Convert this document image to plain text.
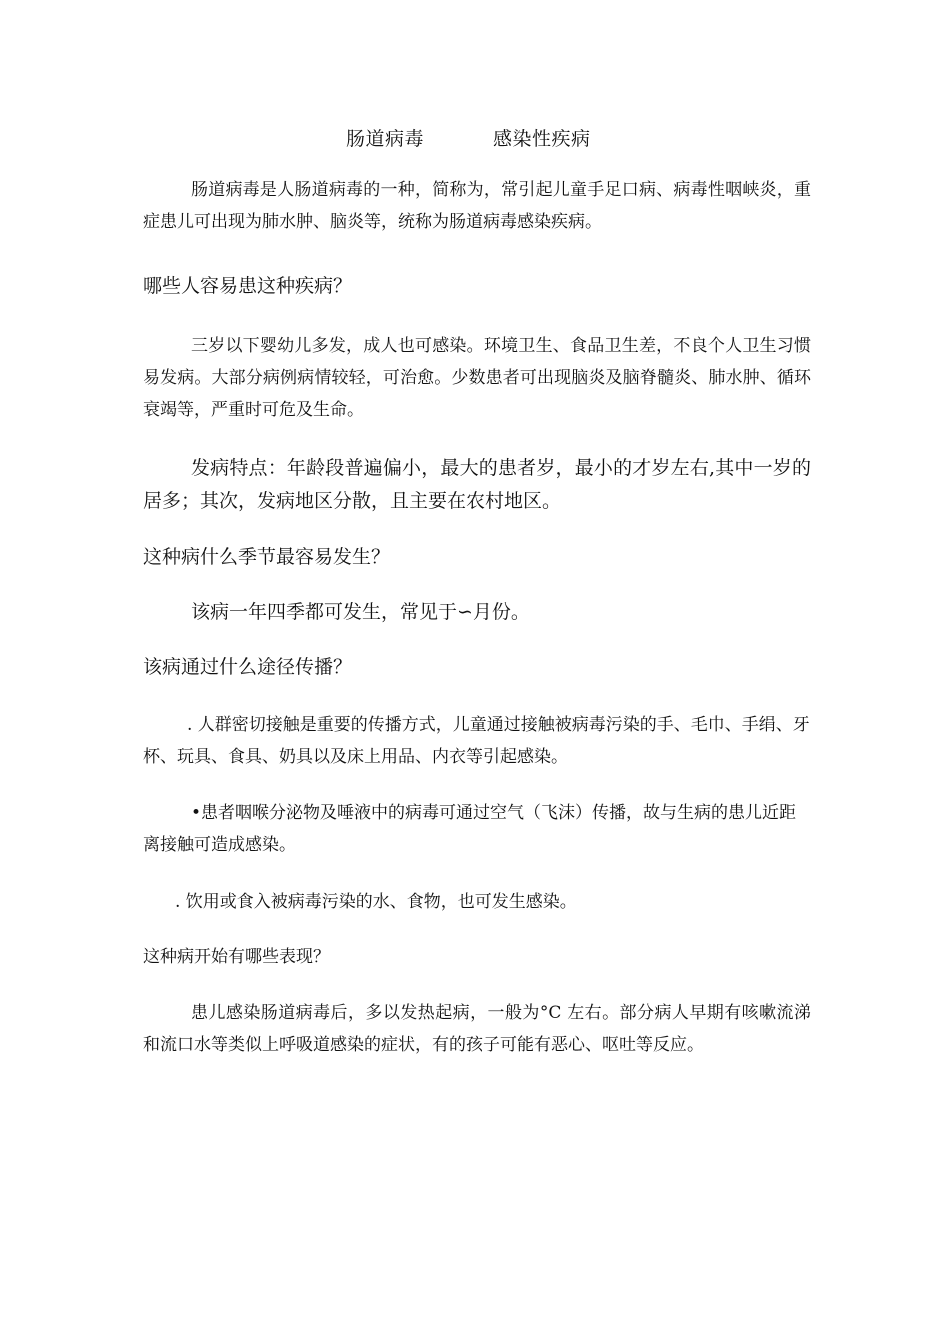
肠道病毒	感染性疾病
肠道病毒是人肠道病毒的一种，简称为，常引起儿童手足口病、病毒性咽峡炎，重症患儿可出现为肺水肿、脑炎等，统称为肠道病毒感染疾病。
哪些人容易患这种疾病？
三岁以下婴幼儿多发，成人也可感染。环境卫生、食品卫生差，不良个人卫生习惯易发病。大部分病例病情较轻，可治愈。少数患者可出现脑炎及脑脊髓炎、肺水肿、循环衰竭等，严重时可危及生命。
发病特点：年龄段普遍偏小，最大的患者岁，最小的才岁左右,其中一岁的居多；其次，发病地区分散，且主要在农村地区。
这种病什么季节最容易发生？
该病一年四季都可发生，常见于∽月份。
该病通过什么途径传播？
. 人群密切接触是重要的传播方式，儿童通过接触被病毒污染的手、毛巾、手绢、牙杯、玩具、食具、奶具以及床上用品、内衣等引起感染。
•患者咽喉分泌物及唾液中的病毒可通过空气（飞沫）传播，故与生病的患儿近距离接触可造成感染。
. 饮用或食入被病毒污染的水、食物，也可发生感染。
这种病开始有哪些表现？
患儿感染肠道病毒后，多以发热起病，一般为°C 左右。部分病人早期有咳嗽流涕和流口水等类似上呼吸道感染的症状，有的孩子可能有恶心、呕吐等反应。
